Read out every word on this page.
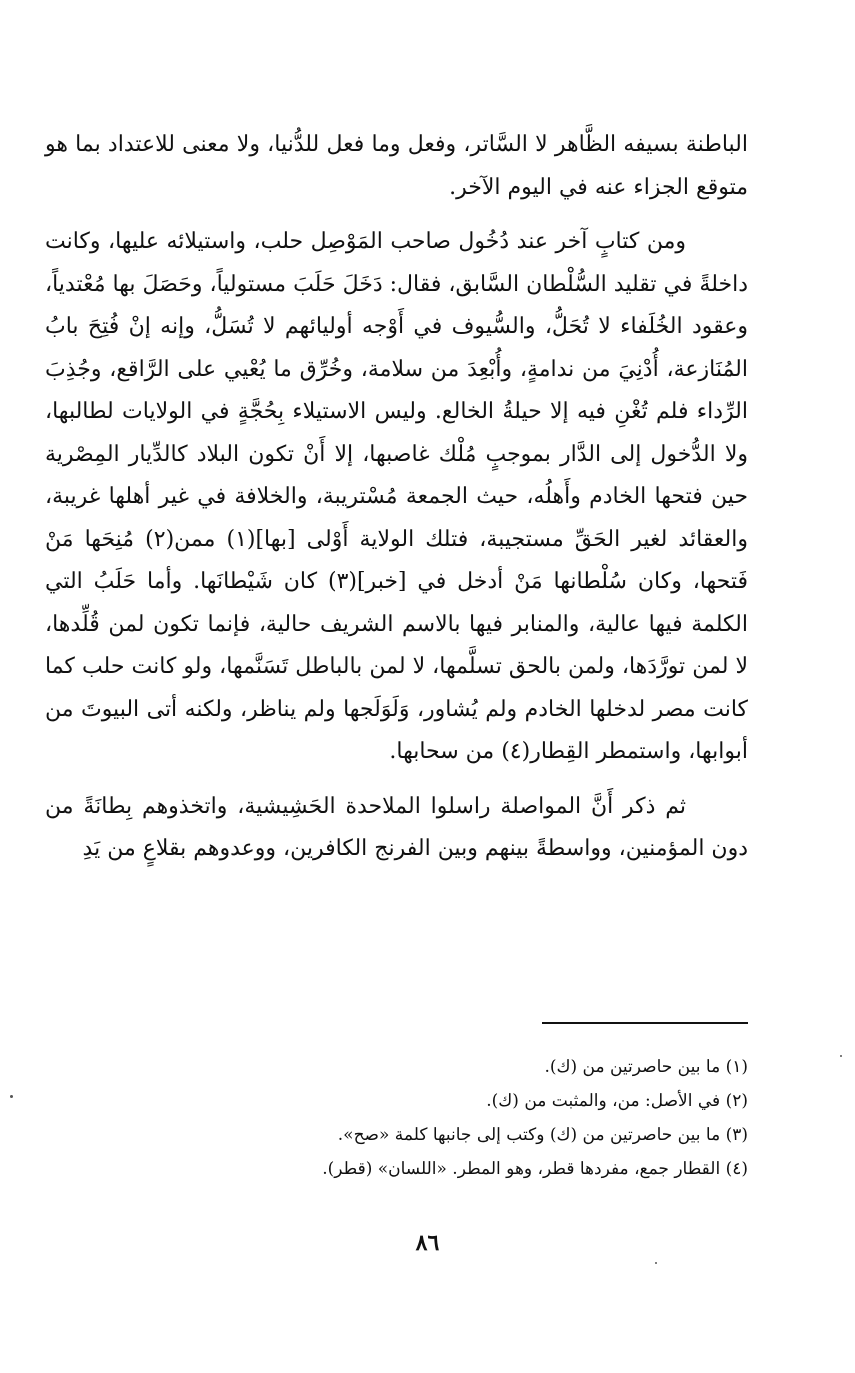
الباطنة بسيفه الظَّاهر لا السَّاتر، وفعل وما فعل للدُّنيا، ولا معنى للاعتداد بما هو متوقع الجزاء عنه في اليوم الآخر.

ومن كتابٍ آخر عند دُخُول صاحب المَوْصِل حلب، واستيلائه عليها، وكانت داخلةً في تقليد السُّلْطان السَّابق، فقال: دَخَلَ حَلَبَ مستولياً، وحَصَلَ بها مُعْتدياً، وعقود الخُلَفاء لا تُحَلُّ، والسُّيوف في أَوْجه أوليائهم لا تُسَلُّ، وإنه إنْ فُتِحَ بابُ المُنَازعة، أُدْنِيَ من ندامةٍ، وأُبْعِدَ من سلامة، وخُرِّق ما يُعْيي على الرَّاقع، وجُذِبَ الرِّداء فلم تُغْنِ فيه إلا حيلةُ الخالع. وليس الاستيلاء بِحُجَّةٍ في الولايات لطالبها، ولا الدُّخول إلى الدَّار بموجبٍ مُلْك غاصبها، إلا أَنْ تكون البلاد كالدِّيار المِصْرية حين فتحها الخادم وأَهلُه، حيث الجمعة مُسْتريبة، والخلافة في غير أهلها غريبة، والعقائد لغير الحَقِّ مستجيبة، فتلك الولاية أَوْلى [بها](١) ممن(٢) مُنِحَها مَنْ فَتحها، وكان سُلْطانها مَنْ أدخل في [خبر](٣) كان شَيْطانَها. وأما حَلَبُ التي الكلمة فيها عالية، والمنابر فيها بالاسم الشريف حالية، فإنما تكون لمن قُلِّدها، لا لمن تورَّدَها، ولمن بالحق تسلَّمها، لا لمن بالباطل تَسَنَّمها، ولو كانت حلب كما كانت مصر لدخلها الخادم ولم يُشاور، وَلَوَلَجها ولم يناظر، ولكنه أتى البيوتَ من أبوابها، واستمطر القِطار(٤) من سحابها.

ثم ذكر أَنَّ المواصلة راسلوا الملاحدة الحَشِيشية، واتخذوهم بِطانَةً من دون المؤمنين، وواسطةً بينهم وبين الفرنج الكافرين، ووعدوهم بقلاعٍ من يَدِ

(١) ما بين حاصرتين من (ك).
(٢) في الأصل: من، والمثبت من (ك).
(٣) ما بين حاصرتين من (ك) وكتب إلى جانبها كلمة «صح».
(٤) القطار جمع، مفردها قطر، وهو المطر. «اللسان» (قطر).
٨٦
